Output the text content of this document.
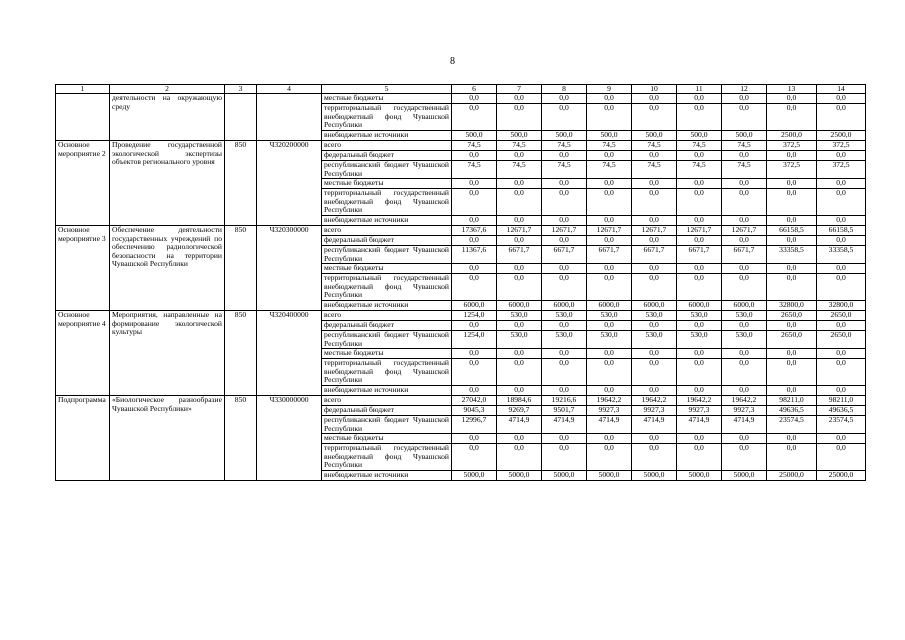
8
1	2	3	4	5	6	7	8	9	10	11	12	13	14
	деятельности на окружающую среду			местные бюджеты	0,0	0,0	0,0	0,0	0,0	0,0	0,0	0,0	0,0
				территориальный государственный внебюджетный фонд Чувашской Республики	0,0	0,0	0,0	0,0	0,0	0,0	0,0	0,0	0,0
				внебюджетные источники	500,0	500,0	500,0	500,0	500,0	500,0	500,0	2500,0	2500,0
Основное мероприятие 2	Проведение государственной экологической экспертизы объектов регионального уровня	850	Ч320200000	всего	74,5	74,5	74,5	74,5	74,5	74,5	74,5	372,5	372,5
				федеральный бюджет	0,0	0,0	0,0	0,0	0,0	0,0	0,0	0,0	0,0
				республиканский бюджет Чувашской Республики	74,5	74,5	74,5	74,5	74,5	74,5	74,5	372,5	372,5
				местные бюджеты	0,0	0,0	0,0	0,0	0,0	0,0	0,0	0,0	0,0
				территориальный государственный внебюджетный фонд Чувашской Республики	0,0	0,0	0,0	0,0	0,0	0,0	0,0	0,0	0,0
				внебюджетные источники	0,0	0,0	0,0	0,0	0,0	0,0	0,0	0,0	0,0
Основное мероприятие 3	Обеспечение деятельности государственных учреждений по обеспечению радиологической безопасности на территории Чувашской Республики	850	Ч320300000	всего	17367,6	12671,7	12671,7	12671,7	12671,7	12671,7	12671,7	66158,5	66158,5
				федеральный бюджет	0,0	0,0	0,0	0,0	0,0	0,0	0,0	0,0	0,0
				республиканский бюджет Чувашской Республики	11367,6	6671,7	6671,7	6671,7	6671,7	6671,7	6671,7	33358,5	33358,5
				местные бюджеты	0,0	0,0	0,0	0,0	0,0	0,0	0,0	0,0	0,0
				территориальный государственный внебюджетный фонд Чувашской Республики	0,0	0,0	0,0	0,0	0,0	0,0	0,0	0,0	0,0
				внебюджетные источники	6000,0	6000,0	6000,0	6000,0	6000,0	6000,0	6000,0	32800,0	32800,0
Основное мероприятие 4	Мероприятия, направленные на формирование экологической культуры	850	Ч320400000	всего	1254,0	530,0	530,0	530,0	530,0	530,0	530,0	2650,0	2650,0
				федеральный бюджет	0,0	0,0	0,0	0,0	0,0	0,0	0,0	0,0	0,0
				республиканский бюджет Чувашской Республики	1254,0	530,0	530,0	530,0	530,0	530,0	530,0	2650,0	2650,0
				местные бюджеты	0,0	0,0	0,0	0,0	0,0	0,0	0,0	0,0	0,0
				территориальный государственный внебюджетный фонд Чувашской Республики	0,0	0,0	0,0	0,0	0,0	0,0	0,0	0,0	0,0
				внебюджетные источники	0,0	0,0	0,0	0,0	0,0	0,0	0,0	0,0	0,0
Подпрограмма	«Биологическое разнообразие Чувашской Республики»	850	Ч330000000	всего	27042,0	18984,6	19216,6	19642,2	19642,2	19642,2	19642,2	98211,0	98211,0
				федеральный бюджет	9045,3	9269,7	9501,7	9927,3	9927,3	9927,3	9927,3	49636,5	49636,5
				республиканский бюджет Чувашской Республики	12996,7	4714,9	4714,9	4714,9	4714,9	4714,9	4714,9	23574,5	23574,5
				местные бюджеты	0,0	0,0	0,0	0,0	0,0	0,0	0,0	0,0	0,0
				территориальный государственный внебюджетный фонд Чувашской Республики	0,0	0,0	0,0	0,0	0,0	0,0	0,0	0,0	0,0
				внебюджетные источники	5000,0	5000,0	5000,0	5000,0	5000,0	5000,0	5000,0	25000,0	25000,0
